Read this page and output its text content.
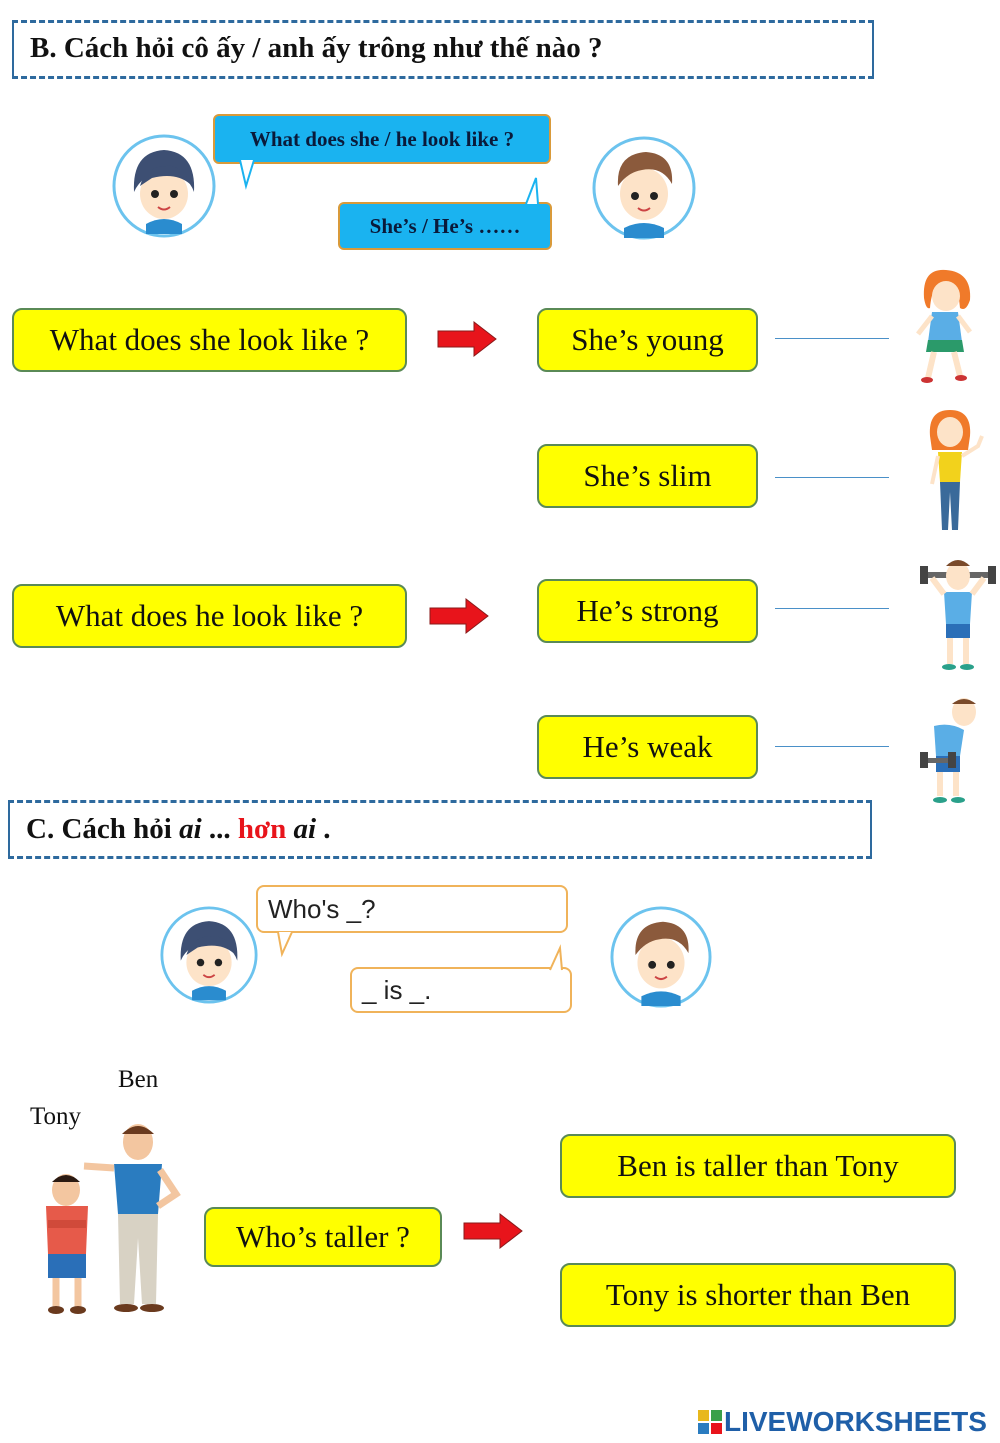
B. Cách hỏi cô ấy / anh ấy trông như thế nào ?
What does she / he look like ?
She’s / He’s ……
What does she look like ?	She’s young
She’s slim
What does he look like ?	He’s strong
He’s weak
C. Cách hỏi ai ... hơn ai .
Who's _?
_ is _.
Ben
Tony
Who’s taller ?
Ben is taller than Tony
Tony is shorter than Ben
LIVEWORKSHEETS
